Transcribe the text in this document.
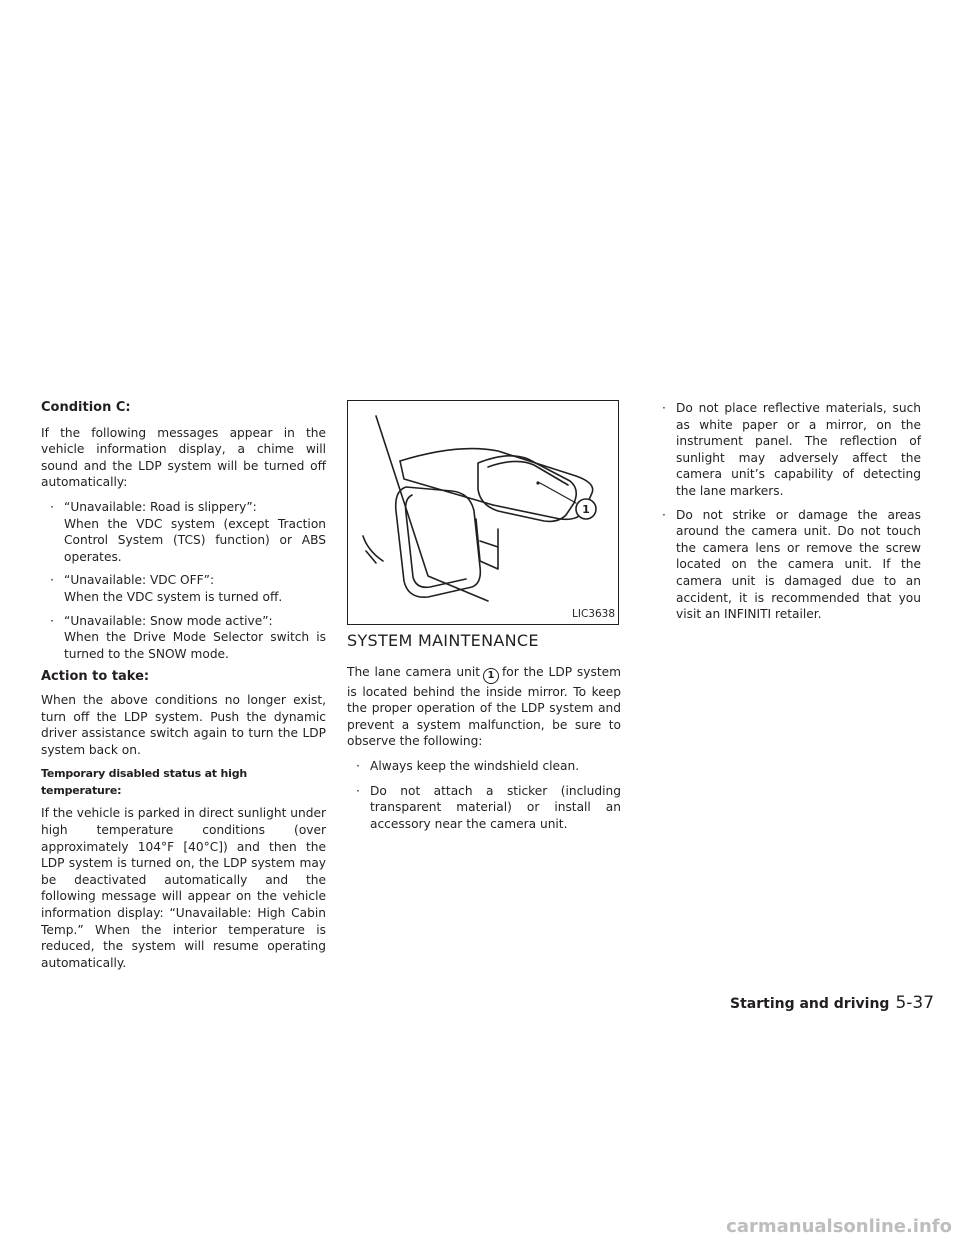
Condition C:

If the following messages appear in the vehicle information display, a chime will sound and the LDP system will be turned off automatically:

· “Unavailable: Road is slippery”:
When the VDC system (except Traction Control System (TCS) function) or ABS operates.
· “Unavailable: VDC OFF”:
When the VDC system is turned off.
· “Unavailable: Snow mode active”:
When the Drive Mode Selector switch is turned to the SNOW mode.
Action to take:

When the above conditions no longer exist, turn off the LDP system. Push the dynamic driver assistance switch again to turn the LDP system back on.

Temporary disabled status at high temperature:

If the vehicle is parked in direct sunlight under high temperature conditions (over approximately 104°F [40°C]) and then the LDP system is turned on, the LDP system may be deactivated automatically and the following message will appear on the vehicle information display: “Unavailable: High Cabin Temp.” When the interior temperature is reduced, the system will resume operating automatically.

1
LIC3638
SYSTEM MAINTENANCE

The lane camera unit 1 for the LDP system is located behind the inside mirror. To keep the proper operation of the LDP system and prevent a system malfunction, be sure to observe the following:

· Always keep the windshield clean.
· Do not attach a sticker (including transparent material) or install an accessory near the camera unit.
· Do not place reflective materials, such as white paper or a mirror, on the instrument panel. The reflection of sunlight may adversely affect the camera unit’s capability of detecting the lane markers.
· Do not strike or damage the areas around the camera unit. Do not touch the camera lens or remove the screw located on the camera unit. If the camera unit is damaged due to an accident, it is recommended that you visit an INFINITI retailer.
Starting and driving 5-37
carmanualsonline.info
